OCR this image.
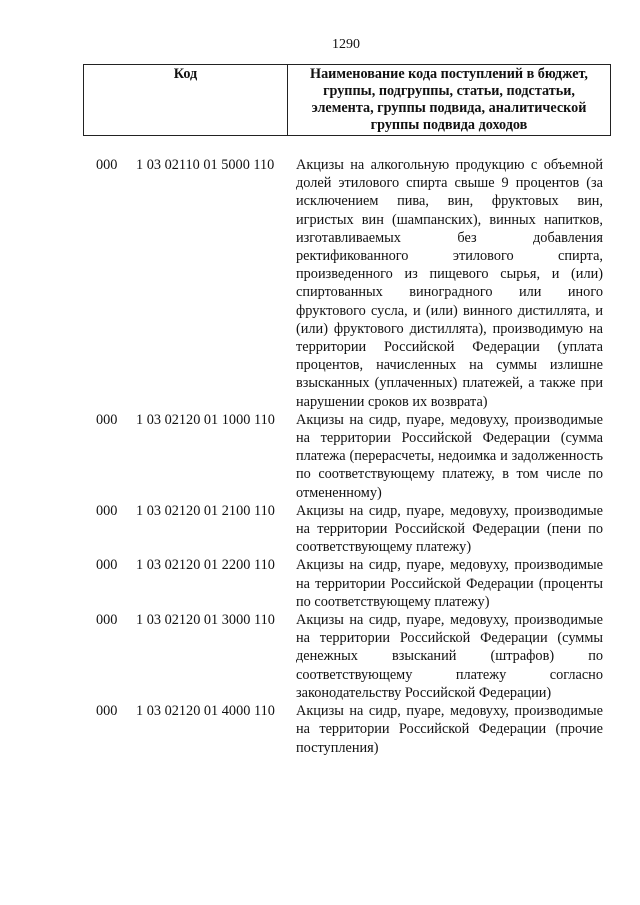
1290
Код	Наименование кода поступлений в бюджет, группы, подгруппы, статьи, подстатьи, элемента, группы подвида, аналитической группы подвида доходов
000	1 03 02110 01 5000 110	Акцизы на алкогольную продукцию с объемной долей этилового спирта свыше 9 процентов (за исключением пива, вин, фруктовых вин, игристых вин (шампанских), винных напитков, изготавливаемых без добавления ректификованного этилового спирта, произведенного из пищевого сырья, и (или) спиртованных виноградного или иного фруктового сусла, и (или) винного дистиллята, и (или) фруктового дистиллята), производимую на территории Российской Федерации (уплата процентов, начисленных на суммы излишне взысканных (уплаченных) платежей, а также при нарушении сроков их возврата)
000	1 03 02120 01 1000 110	Акцизы на сидр, пуаре, медовуху, производимые на территории Российской Федерации (сумма платежа (перерасчеты, недоимка и задолженность по соответствующему платежу, в том числе по отмененному)
000	1 03 02120 01 2100 110	Акцизы на сидр, пуаре, медовуху, производимые на территории Российской Федерации (пени по соответствующему платежу)
000	1 03 02120 01 2200 110	Акцизы на сидр, пуаре, медовуху, производимые на территории Российской Федерации (проценты по соответствующему платежу)
000	1 03 02120 01 3000 110	Акцизы на сидр, пуаре, медовуху, производимые на территории Российской Федерации (суммы денежных взысканий (штрафов) по соответствующему платежу согласно законодательству Российской Федерации)
000	1 03 02120 01 4000 110	Акцизы на сидр, пуаре, медовуху, производимые на территории Российской Федерации (прочие поступления)
